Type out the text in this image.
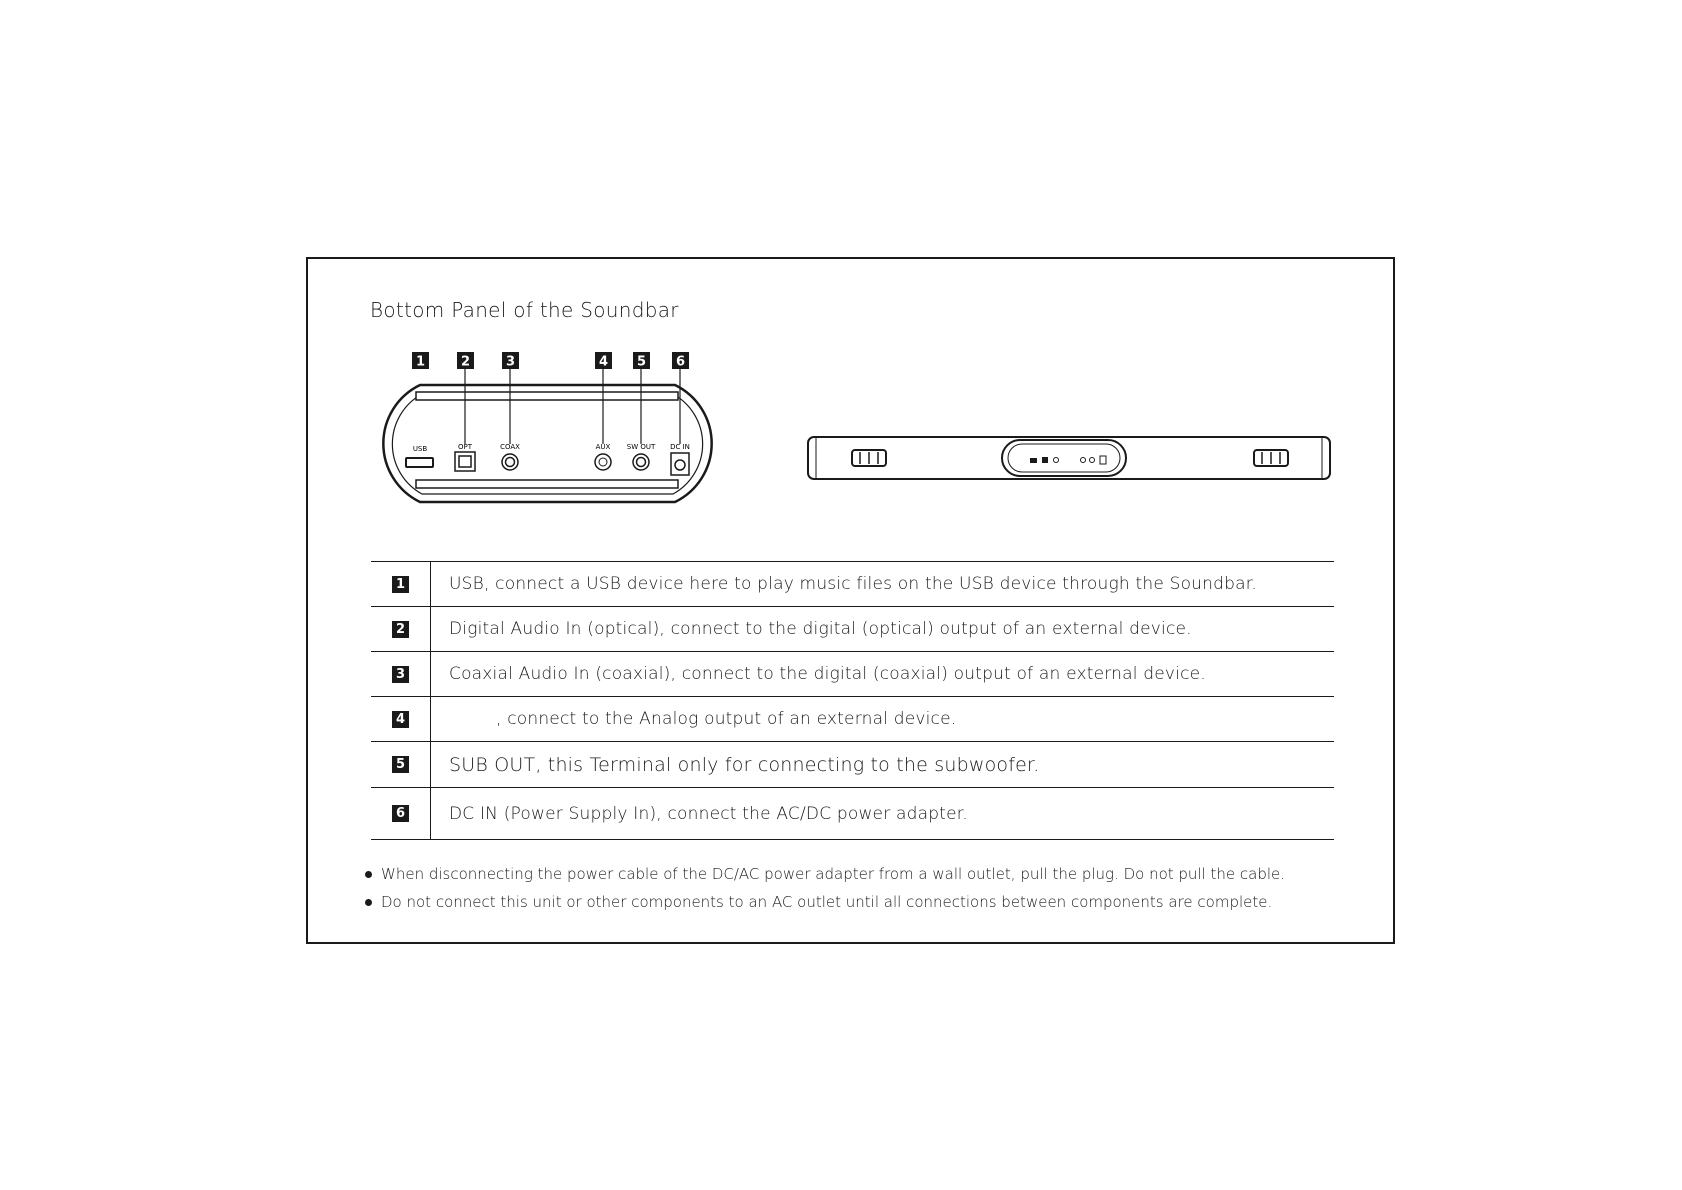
Bottom Panel of the Soundbar
1	2	3	4 5 6
USB	OPT	COAX	AUX SW OUT DC IN
1	USB, connect a USB device here to play music files on the USB device through the Soundbar.
2	Digital Audio In (optical), connect to the digital (optical) output of an external device.
3	Coaxial Audio In (coaxial), connect to the digital (coaxial) output of an external device.
4	, connect to the Analog output of an external device.
5	SUB OUT, this Terminal only for connecting to the subwoofer.
6	DC IN (Power Supply In), connect the AC/DC power adapter.
When disconnecting the power cable of the DC/AC power adapter from a wall outlet, pull the plug. Do not pull the cable.
Do not connect this unit or other components to an AC outlet until all connections between components are complete.
